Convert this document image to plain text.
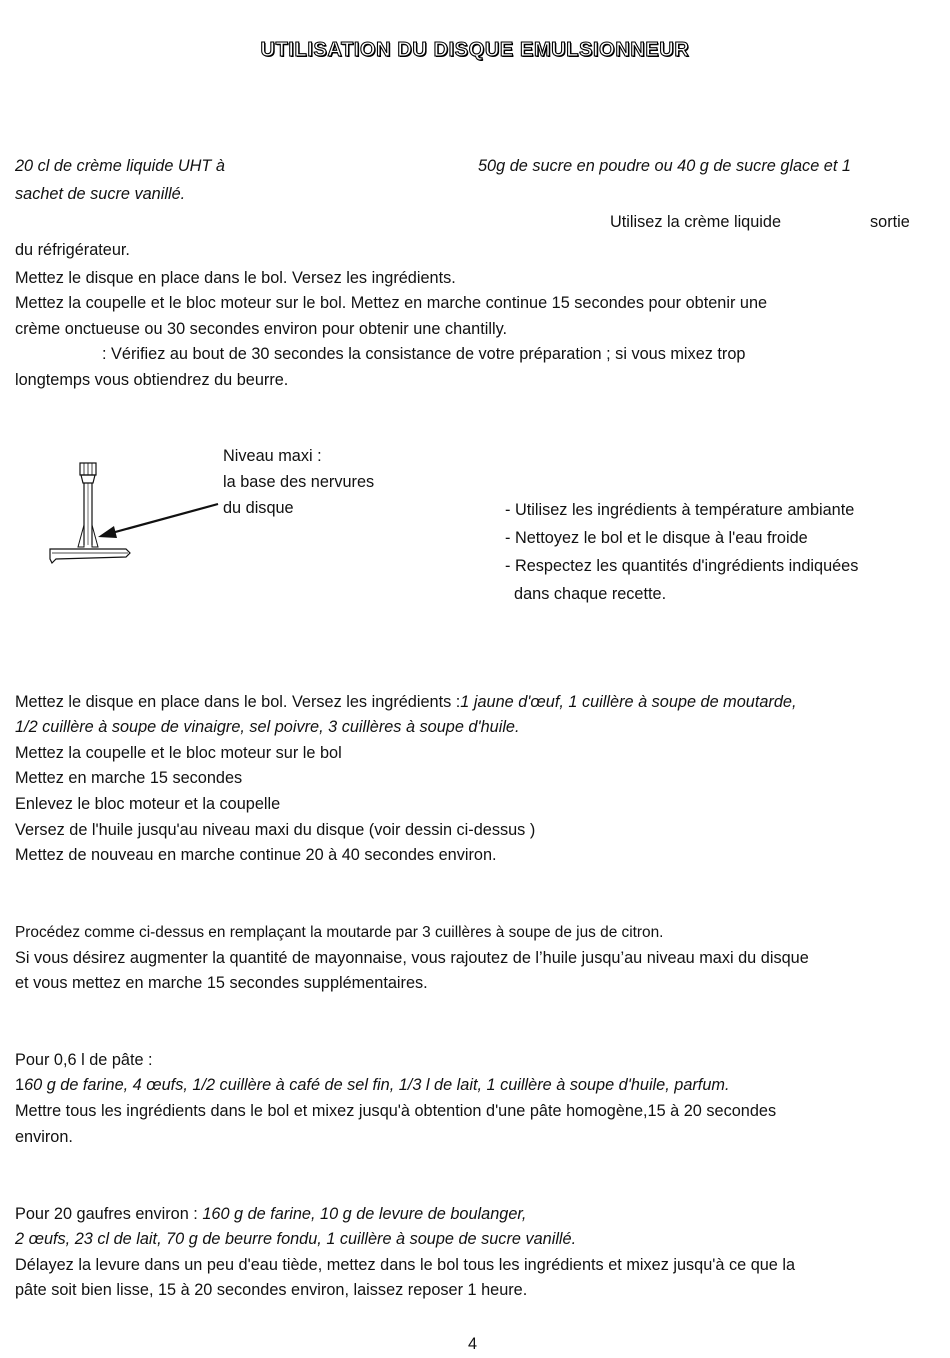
UTILISATION DU DISQUE EMULSIONNEUR
20 cl de crème liquide UHT à	50g de sucre en poudre ou 40 g de sucre glace et 1
sachet de sucre vanillé.
Utilisez la crème liquide	sortie
du réfrigérateur.
Mettez le disque en place dans le bol. Versez les ingrédients.
Mettez la coupelle et le bloc moteur sur le bol. Mettez en marche continue 15 secondes pour obtenir une
crème onctueuse ou 30 secondes environ pour obtenir une chantilly.
: Vérifiez au bout de 30 secondes la consistance de votre préparation ; si vous mixez trop
longtemps vous obtiendrez du beurre.
Niveau maxi :
la base des nervures
du disque	- Utilisez les ingrédients à température ambiante
- Nettoyez le bol et le disque à l'eau froide
- Respectez les quantités d'ingrédients indiquées
dans chaque recette.
Mettez le disque en place dans le bol. Versez les ingrédients :1 jaune d'œuf, 1 cuillère à soupe de moutarde,
1/2 cuillère à soupe de vinaigre, sel poivre, 3 cuillères à soupe d'huile.
Mettez la coupelle et le bloc moteur sur le bol
Mettez en marche 15 secondes
Enlevez le bloc moteur et la coupelle
Versez de l'huile jusqu'au niveau maxi du disque (voir dessin ci-dessus )
Mettez de nouveau en marche continue 20 à 40 secondes environ.
Procédez comme ci-dessus en remplaçant la moutarde par 3 cuillères à soupe de jus de citron.
Si vous désirez augmenter la quantité de mayonnaise, vous rajoutez de l’huile jusqu’au niveau maxi du disque
et vous mettez en marche 15 secondes supplémentaires.
Pour 0,6 l de pâte :
160 g de farine, 4 œufs, 1/2 cuillère à café de sel fin, 1/3 l de lait, 1 cuillère à soupe d'huile, parfum.
Mettre tous les ingrédients dans le bol et mixez jusqu'à obtention d'une pâte homogène,15 à 20 secondes
environ.
Pour 20 gaufres environ : 160 g de farine, 10 g de levure de boulanger,
2 œufs, 23 cl de lait, 70 g de beurre fondu, 1 cuillère à soupe de sucre vanillé.
Délayez la levure dans un peu d'eau tiède, mettez dans le bol tous les ingrédients et mixez jusqu'à ce que la
pâte soit bien lisse, 15 à 20 secondes environ, laissez reposer 1 heure.
4
